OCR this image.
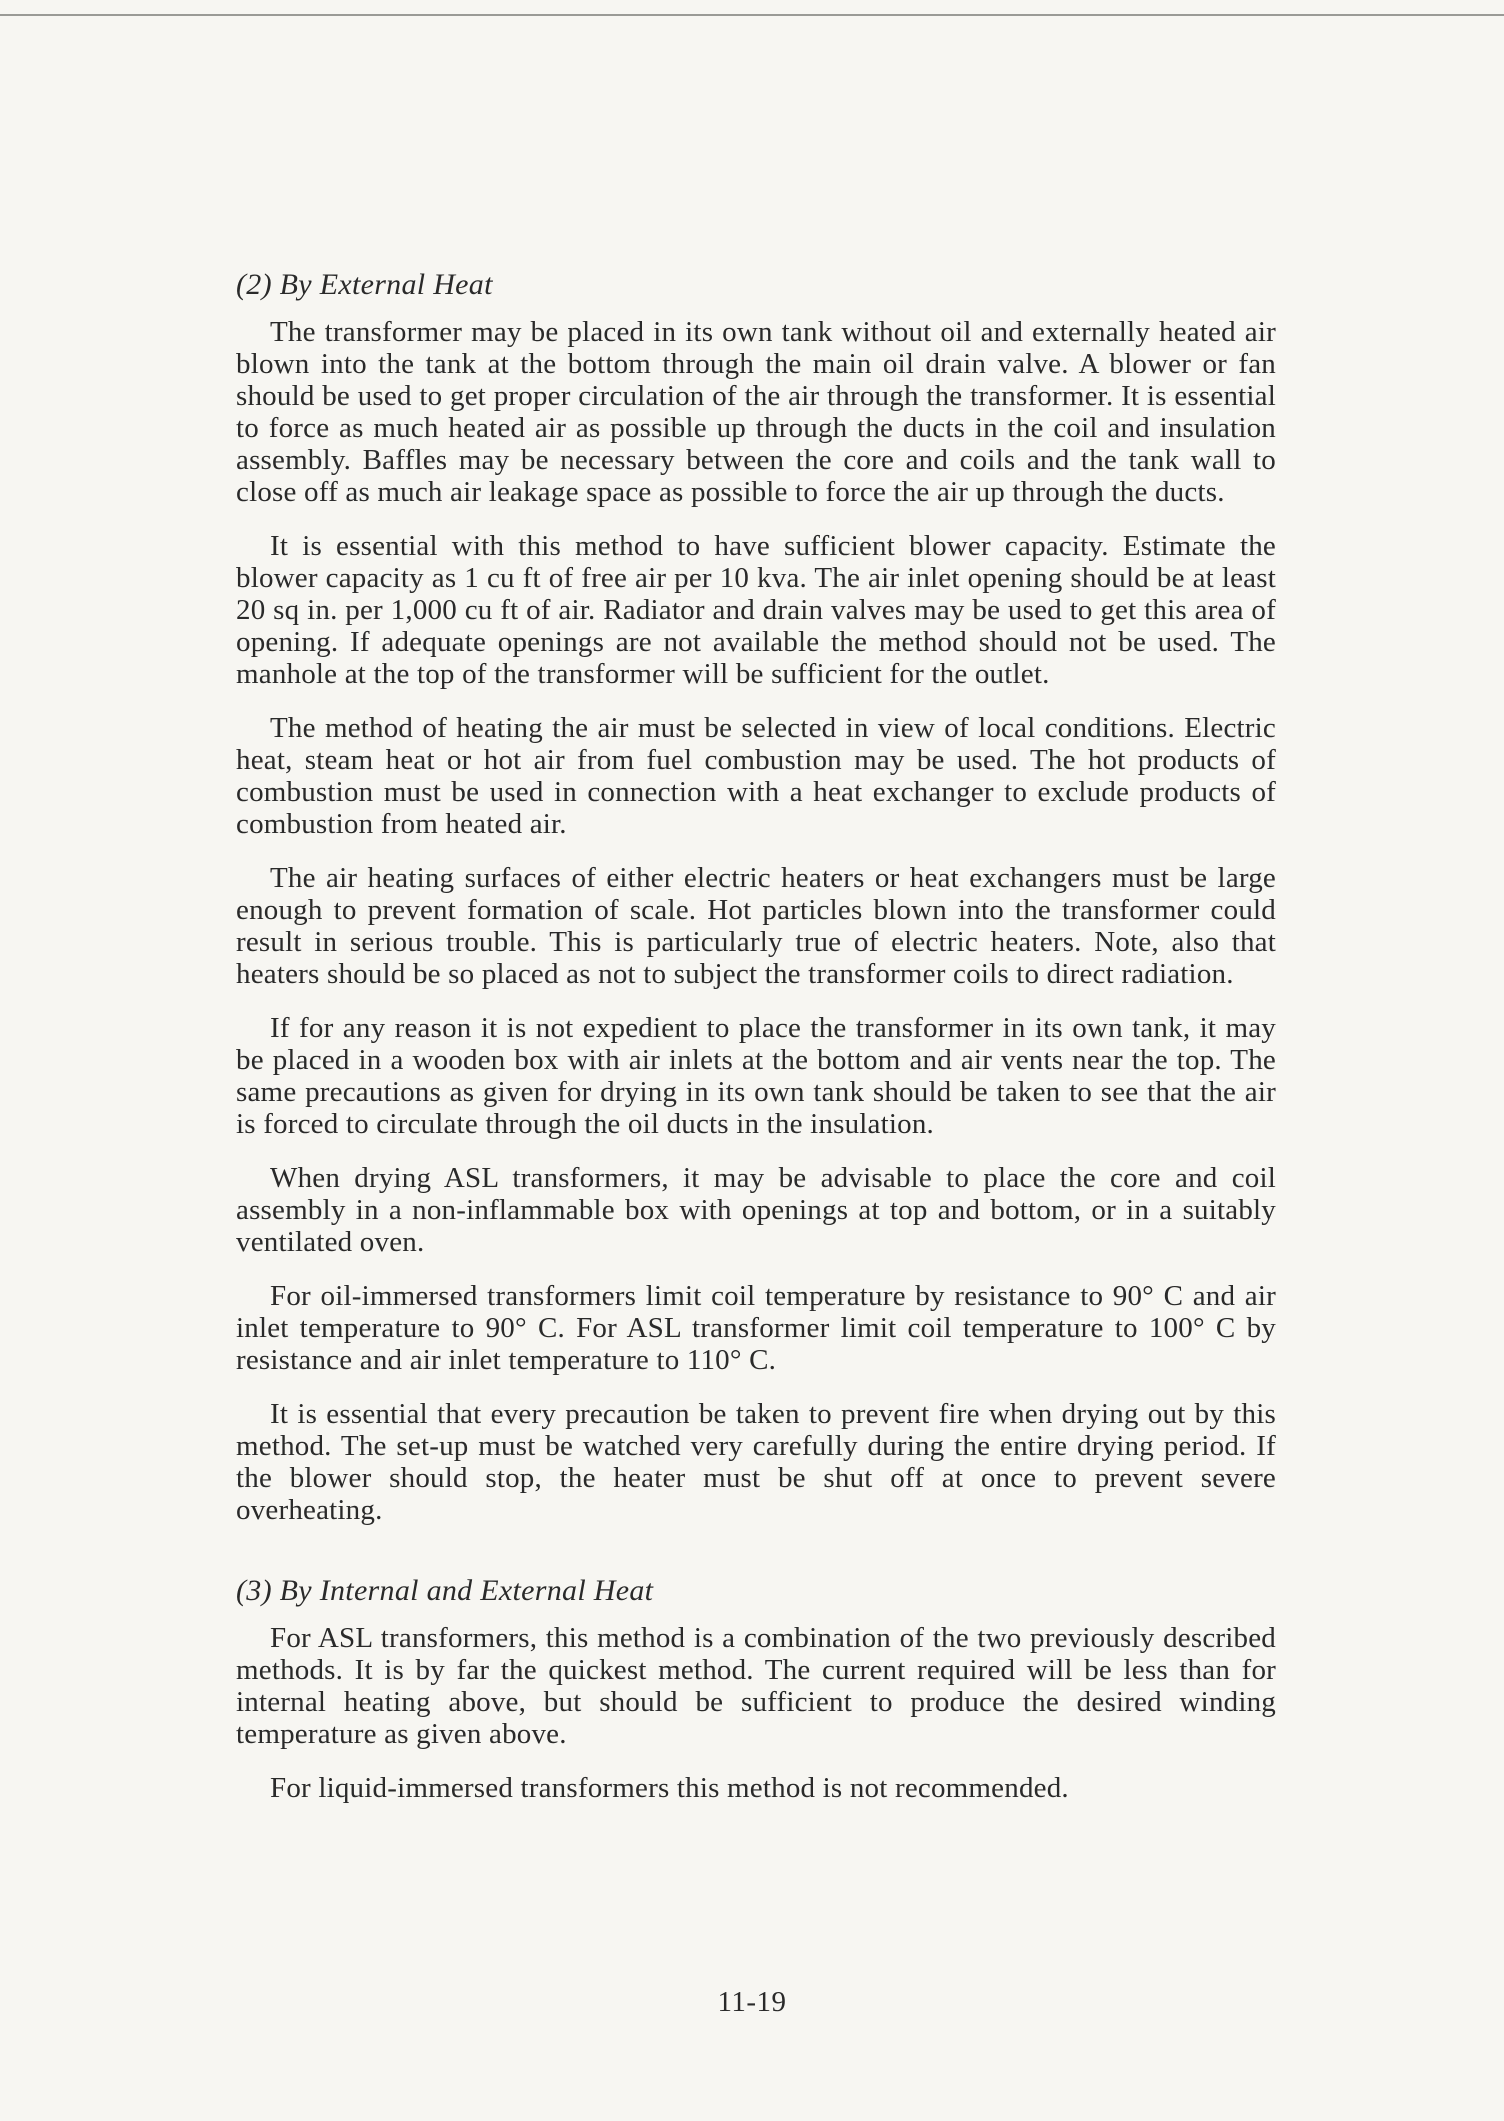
(2) By External Heat

The transformer may be placed in its own tank without oil and externally heated air blown into the tank at the bottom through the main oil drain valve. A blower or fan should be used to get proper circulation of the air through the transformer. It is essential to force as much heated air as possible up through the ducts in the coil and insulation assembly. Baffles may be necessary between the core and coils and the tank wall to close off as much air leakage space as possible to force the air up through the ducts.

It is essential with this method to have sufficient blower capacity. Estimate the blower capacity as 1 cu ft of free air per 10 kva. The air inlet opening should be at least 20 sq in. per 1,000 cu ft of air. Radiator and drain valves may be used to get this area of opening. If adequate openings are not available the method should not be used. The manhole at the top of the transformer will be sufficient for the outlet.

The method of heating the air must be selected in view of local conditions. Electric heat, steam heat or hot air from fuel combustion may be used. The hot products of combustion must be used in connection with a heat exchanger to exclude products of combustion from heated air.

The air heating surfaces of either electric heaters or heat exchangers must be large enough to prevent formation of scale. Hot particles blown into the transformer could result in serious trouble. This is particularly true of electric heaters. Note, also that heaters should be so placed as not to subject the transformer coils to direct radiation.

If for any reason it is not expedient to place the transformer in its own tank, it may be placed in a wooden box with air inlets at the bottom and air vents near the top. The same precautions as given for drying in its own tank should be taken to see that the air is forced to circulate through the oil ducts in the insulation.

When drying ASL transformers, it may be advisable to place the core and coil assembly in a non-inflammable box with openings at top and bottom, or in a suitably ventilated oven.

For oil-immersed transformers limit coil temperature by resistance to 90° C and air inlet temperature to 90° C. For ASL transformer limit coil temperature to 100° C by resistance and air inlet temperature to 110° C.

It is essential that every precaution be taken to prevent fire when drying out by this method. The set-up must be watched very carefully during the entire drying period. If the blower should stop, the heater must be shut off at once to prevent severe overheating.

(3) By Internal and External Heat

For ASL transformers, this method is a combination of the two previously described methods. It is by far the quickest method. The current required will be less than for internal heating above, but should be sufficient to produce the desired winding temperature as given above.

For liquid-immersed transformers this method is not recommended.

11-19
